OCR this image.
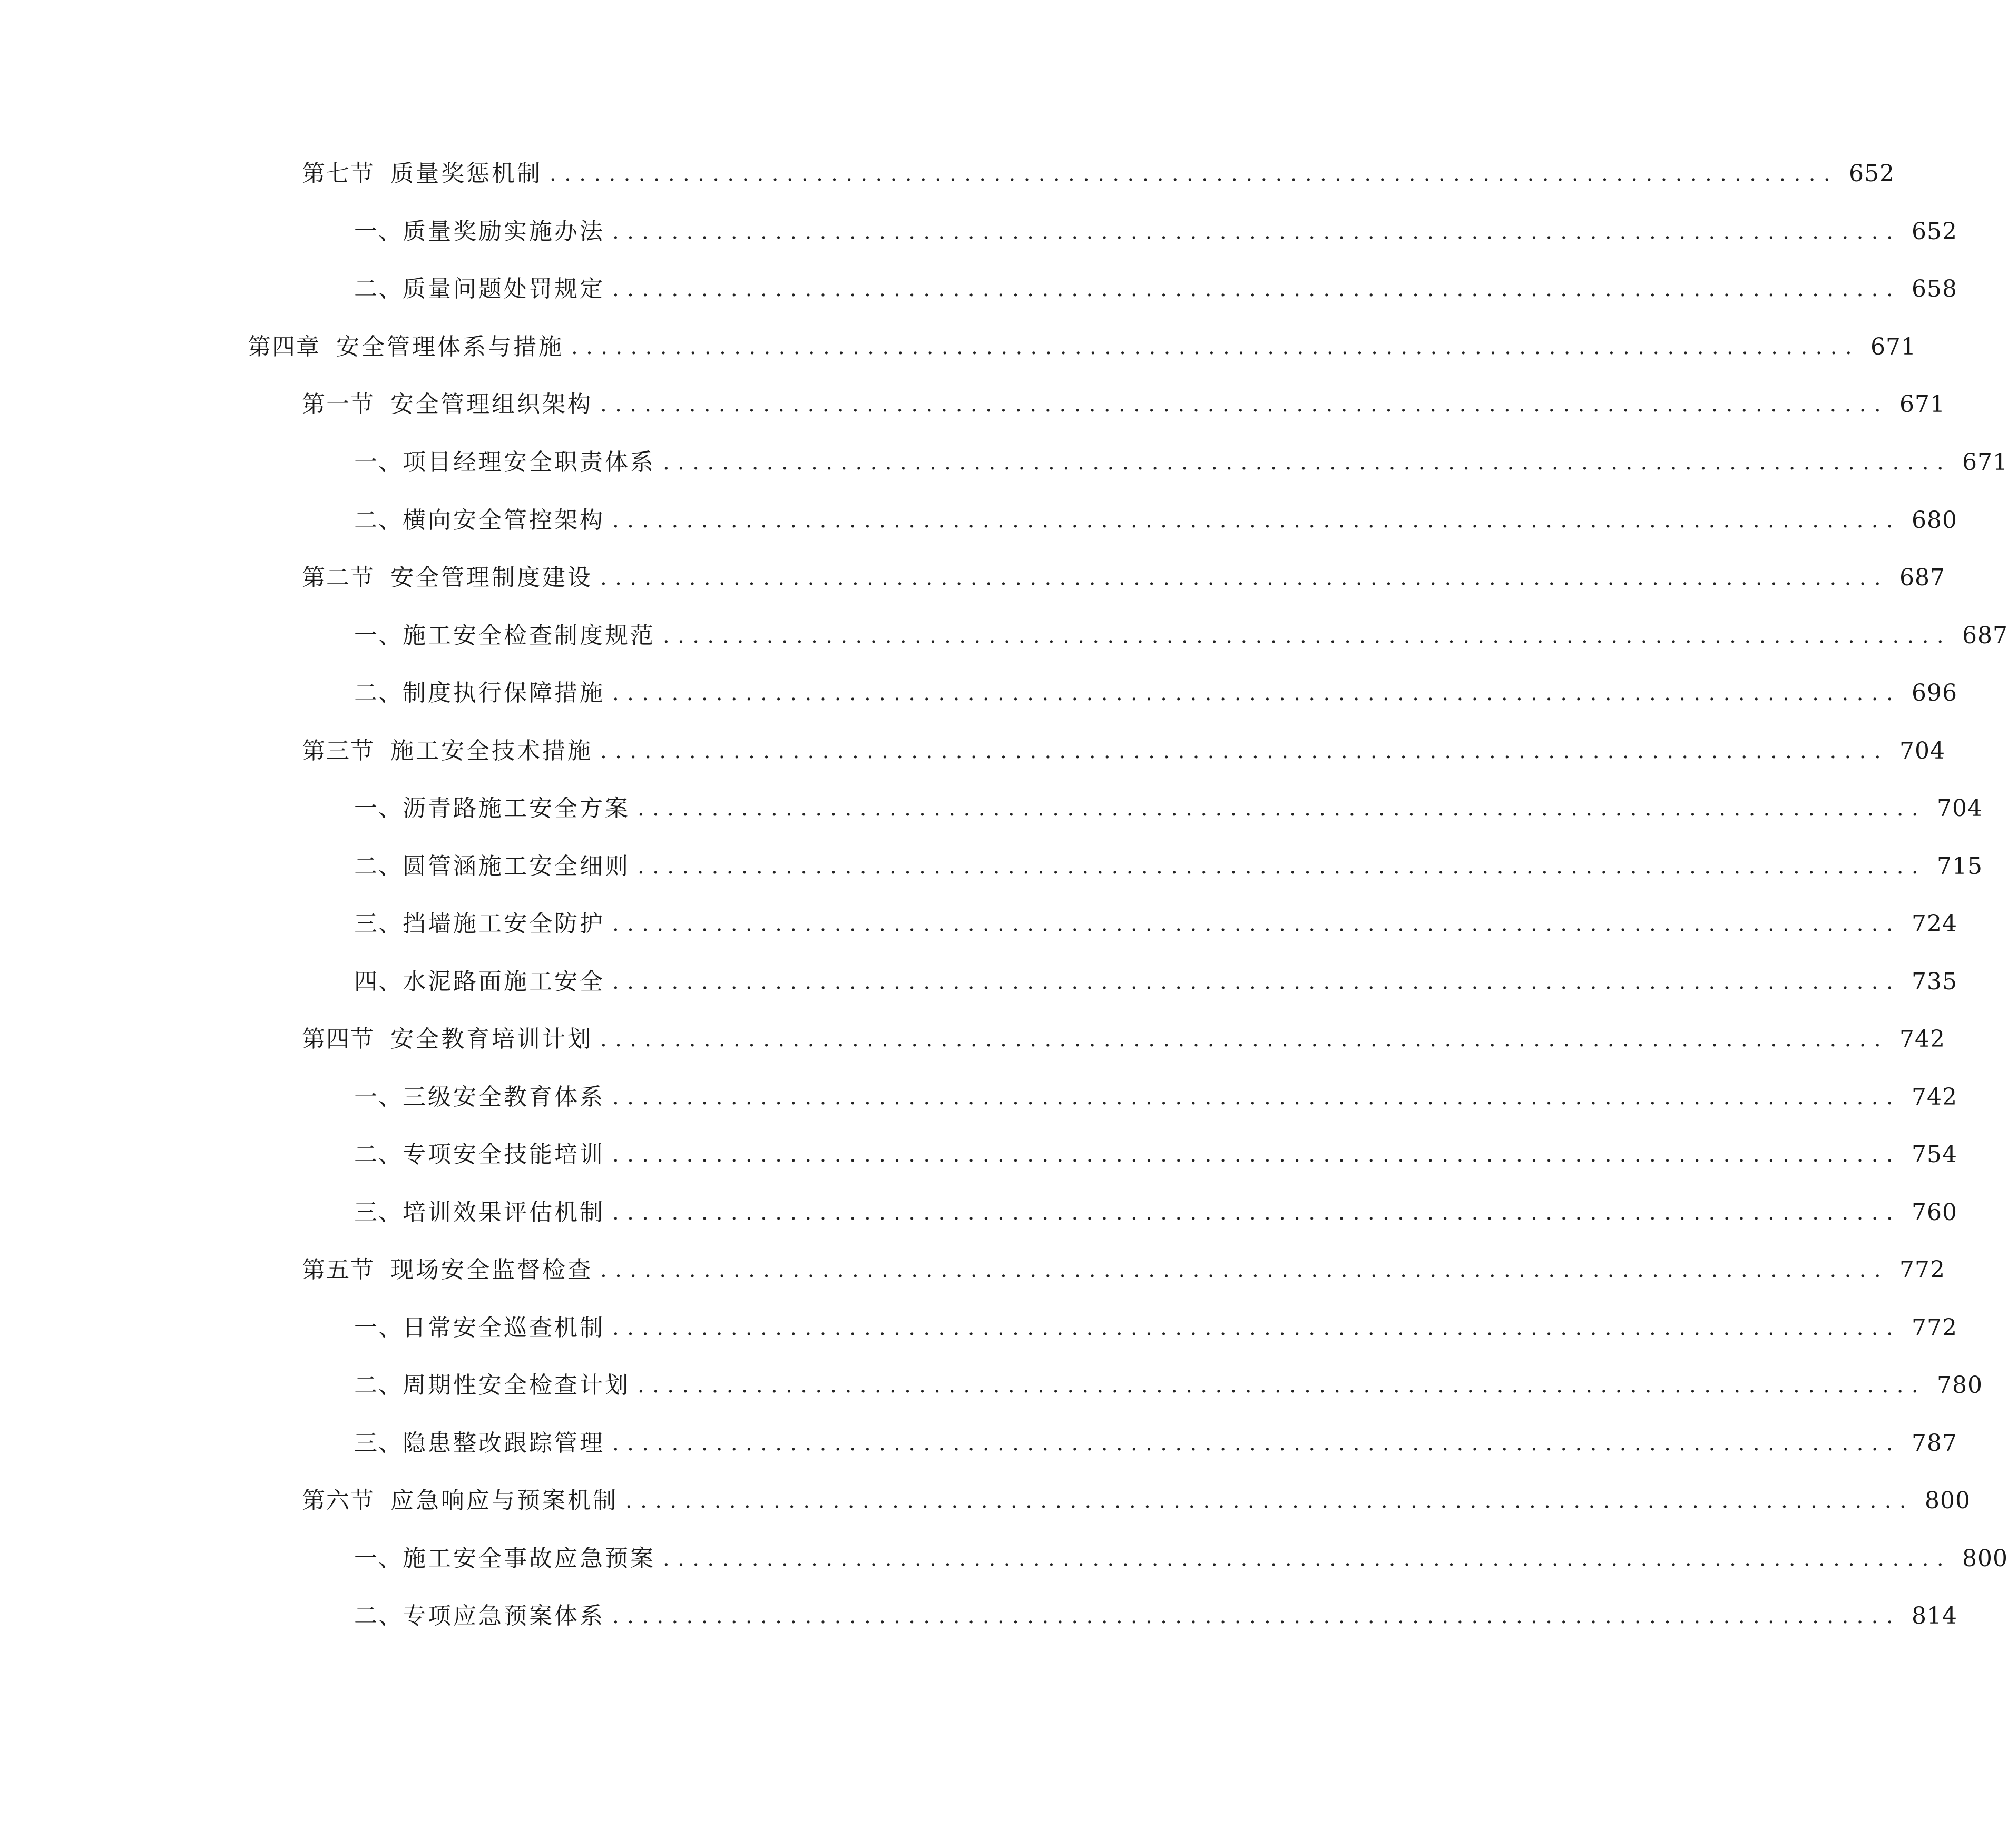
第七节 质量奖惩机制 ....................................................................................... 652
一、 质量奖励实施办法 ....................................................................................... 652
二、 质量问题处罚规定 ....................................................................................... 658
第四章 安全管理体系与措施 ....................................................................................... 671
第一节 安全管理组织架构 ....................................................................................... 671
一、 项目经理安全职责体系 ....................................................................................... 671
二、 横向安全管控架构 ....................................................................................... 680
第二节 安全管理制度建设 ....................................................................................... 687
一、 施工安全检查制度规范 ....................................................................................... 687
二、 制度执行保障措施 ....................................................................................... 696
第三节 施工安全技术措施 ....................................................................................... 704
一、 沥青路施工安全方案 ....................................................................................... 704
二、 圆管涵施工安全细则 ....................................................................................... 715
三、 挡墙施工安全防护 ....................................................................................... 724
四、 水泥路面施工安全 ....................................................................................... 735
第四节 安全教育培训计划 ....................................................................................... 742
一、 三级安全教育体系 ....................................................................................... 742
二、 专项安全技能培训 ....................................................................................... 754
三、 培训效果评估机制 ....................................................................................... 760
第五节 现场安全监督检查 ....................................................................................... 772
一、 日常安全巡查机制 ....................................................................................... 772
二、 周期性安全检查计划 ....................................................................................... 780
三、 隐患整改跟踪管理 ....................................................................................... 787
第六节 应急响应与预案机制 ....................................................................................... 800
一、 施工安全事故应急预案 ....................................................................................... 800
二、 专项应急预案体系 ....................................................................................... 814
